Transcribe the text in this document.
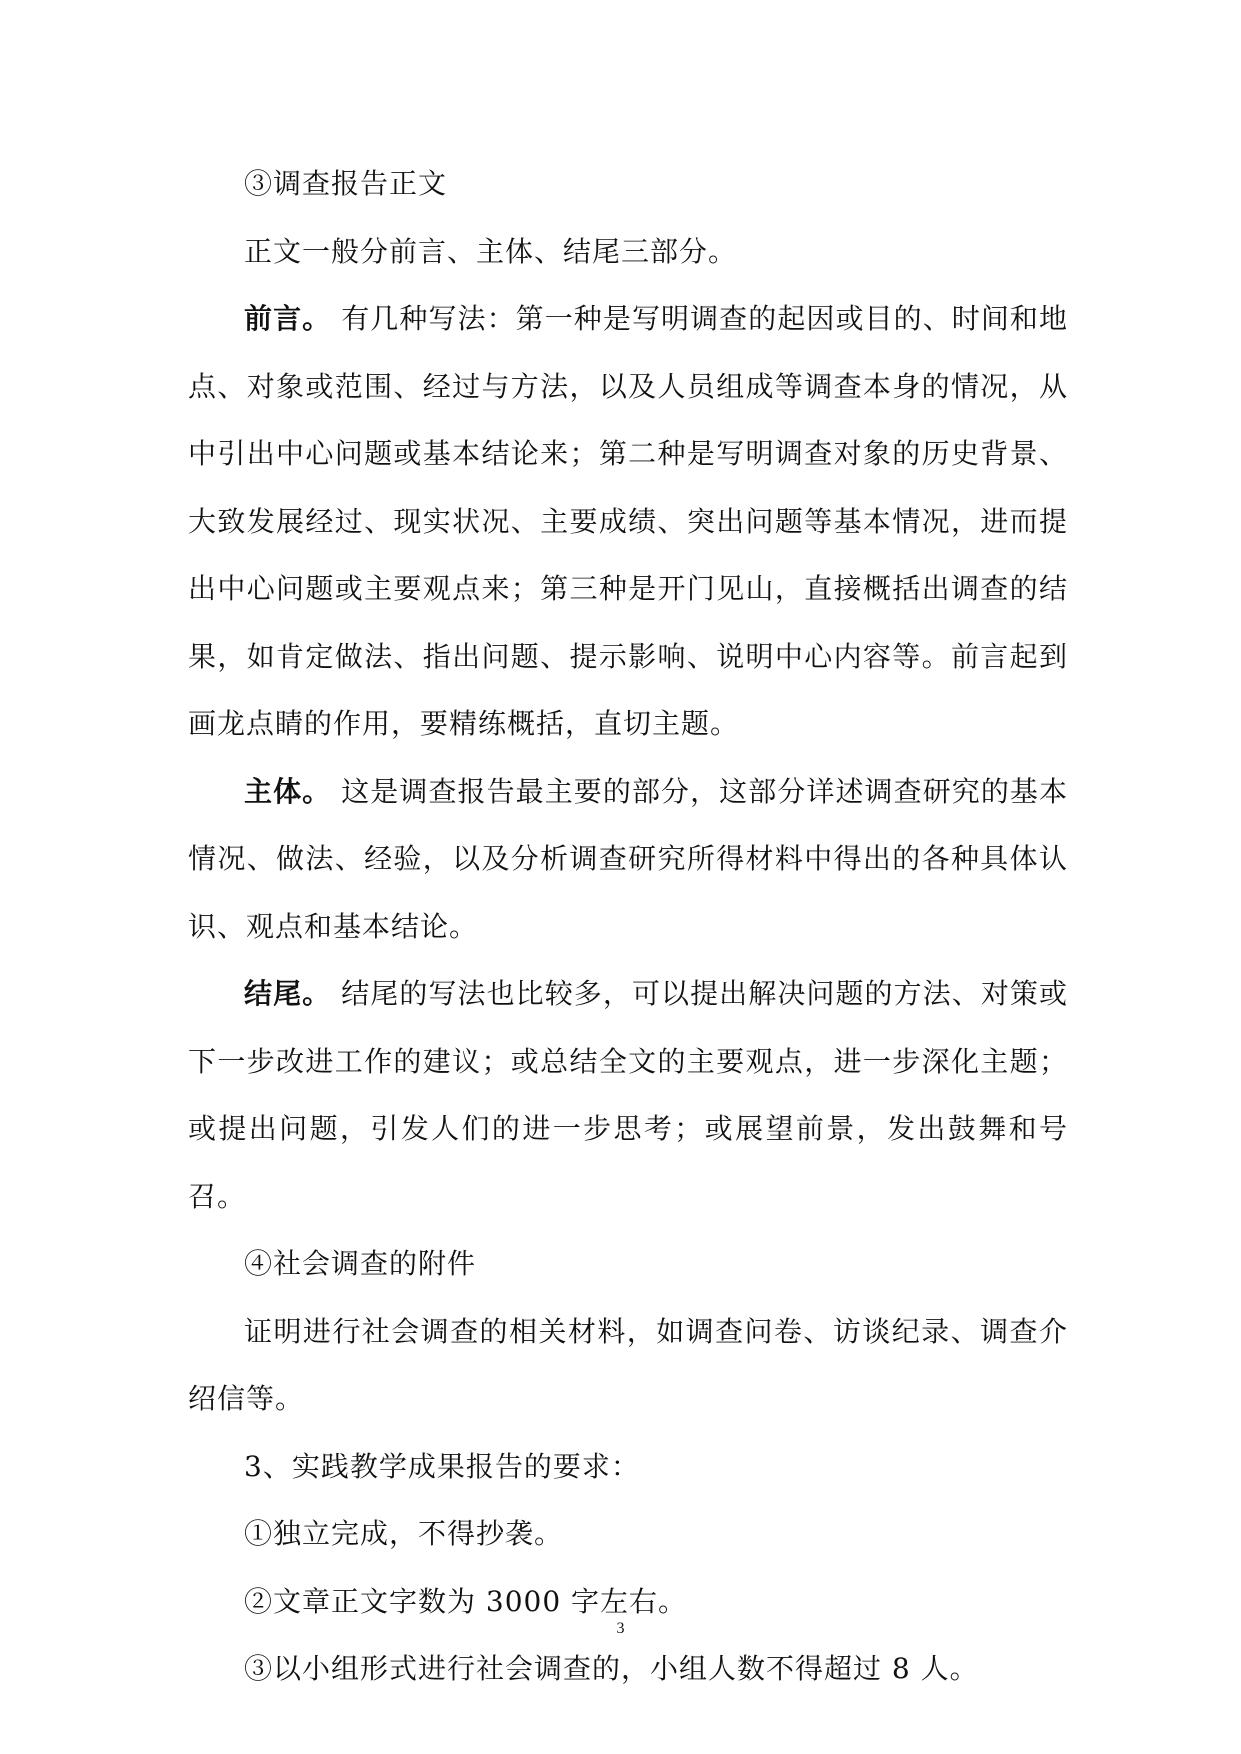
③调查报告正文

正文一般分前言、主体、结尾三部分。

前言。 有几种写法：第一种是写明调查的起因或目的、时间和地点、对象或范围、经过与方法，以及人员组成等调查本身的情况，从中引出中心问题或基本结论来；第二种是写明调查对象的历史背景、大致发展经过、现实状况、主要成绩、突出问题等基本情况，进而提出中心问题或主要观点来；第三种是开门见山，直接概括出调查的结果，如肯定做法、指出问题、提示影响、说明中心内容等。前言起到画龙点睛的作用，要精练概括，直切主题。

主体。 这是调查报告最主要的部分，这部分详述调查研究的基本情况、做法、经验，以及分析调查研究所得材料中得出的各种具体认识、观点和基本结论。

结尾。 结尾的写法也比较多，可以提出解决问题的方法、对策或下一步改进工作的建议；或总结全文的主要观点，进一步深化主题；或提出问题，引发人们的进一步思考；或展望前景，发出鼓舞和号召。

④社会调查的附件

证明进行社会调查的相关材料，如调查问卷、访谈纪录、调查介绍信等。

3、实践教学成果报告的要求：

①独立完成，不得抄袭。

②文章正文字数为 3000 字左右。

③以小组形式进行社会调查的，小组人数不得超过 8 人。

3
